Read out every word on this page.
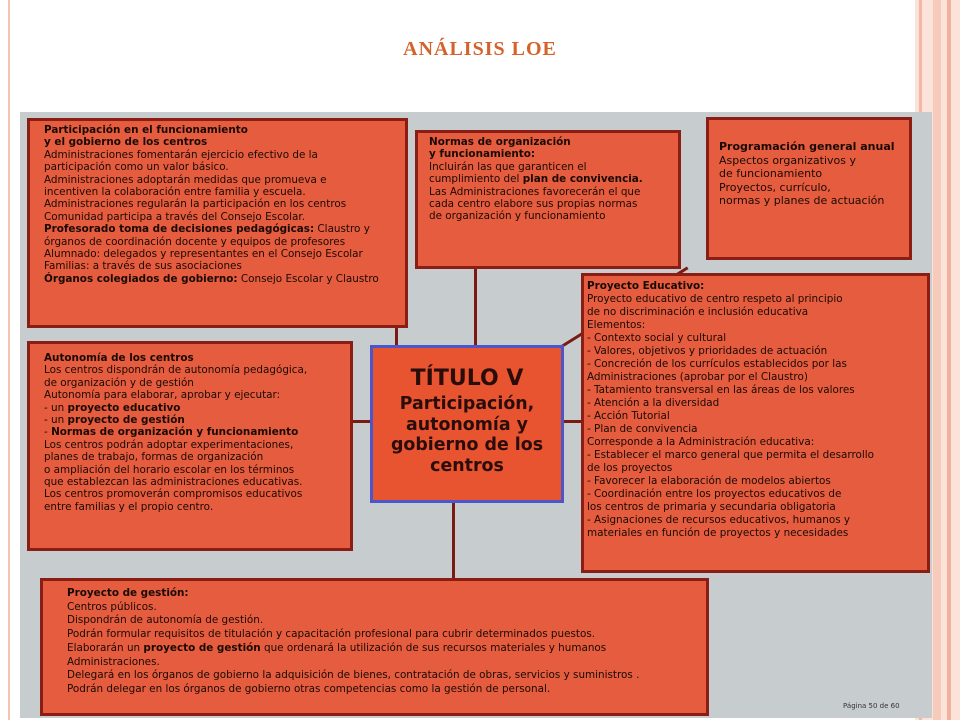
ANÁLISIS LOE
Participación en el funcionamiento
y el gobierno de los centros
Administraciones fomentarán ejercicio efectivo de la
participación como un valor básico.
Administraciones adoptarán medidas que promueva e
incentiven la colaboración entre familia y escuela.
Administraciones regularán la participación en los centros
Comunidad participa a través del Consejo Escolar.
Profesorado toma de decisiones pedagógicas: Claustro y
órganos de coordinación docente y equipos de profesores
Alumnado: delegados y representantes en el Consejo Escolar
Familias: a través de sus asociaciones
Órganos colegiados de gobierno: Consejo Escolar y Claustro
Normas de organización
y funcionamiento:
Incluirán las que garanticen el
cumplimiento del plan de convivencia.
Las Administraciones favorecerán el que
cada centro elabore sus propias normas
de organización y funcionamiento
Programación general anual
Aspectos organizativos y
de funcionamiento
Proyectos, currículo,
normas y planes de actuación
Autonomía de los centros
Los centros dispondrán de autonomía pedagógica,
de organización y de gestión
Autonomía para elaborar, aprobar y ejecutar:
- un proyecto educativo
- un proyecto de gestión
- Normas de organización y funcionamiento
Los centros podrán adoptar experimentaciones,
planes de trabajo, formas de organización
o ampliación del horario escolar en los términos
que establezcan las administraciones educativas.
Los centros promoverán compromisos educativos
entre familias y el propio centro.
Proyecto Educativo:
Proyecto educativo de centro respeto al principio
de no discriminación e inclusión educativa
Elementos:
- Contexto social y cultural
- Valores, objetivos y prioridades de actuación
- Concreción de los currículos establecidos por las
Administraciones (aprobar por el Claustro)
- Tatamiento transversal en las áreas de los valores
- Atención a la diversidad
- Acción Tutorial
- Plan de convivencia
Corresponde a la Administración educativa:
- Establecer el marco general que permita el desarrollo
de los proyectos
- Favorecer la elaboración de modelos abiertos
- Coordinación entre los proyectos educativos de
los centros de primaria y secundaria obligatoria
- Asignaciones de recursos educativos, humanos y
materiales en función de proyectos y necesidades
TÍTULO V
Participación,
autonomía y
gobierno de los
centros
Proyecto de gestión:
Centros públicos.
Dispondrán de autonomía de gestión.
Podrán formular requisitos de titulación y capacitación profesional para cubrir determinados puestos.
Elaborarán un proyecto de gestión que ordenará la utilización de sus recursos materiales y humanos
Administraciones.
Delegará en los órganos de gobierno la adquisición de bienes, contratación de obras, servicios y suministros .
Podrán delegar en los órganos de gobierno otras competencias como la gestión de personal.
Página 50 de 60
